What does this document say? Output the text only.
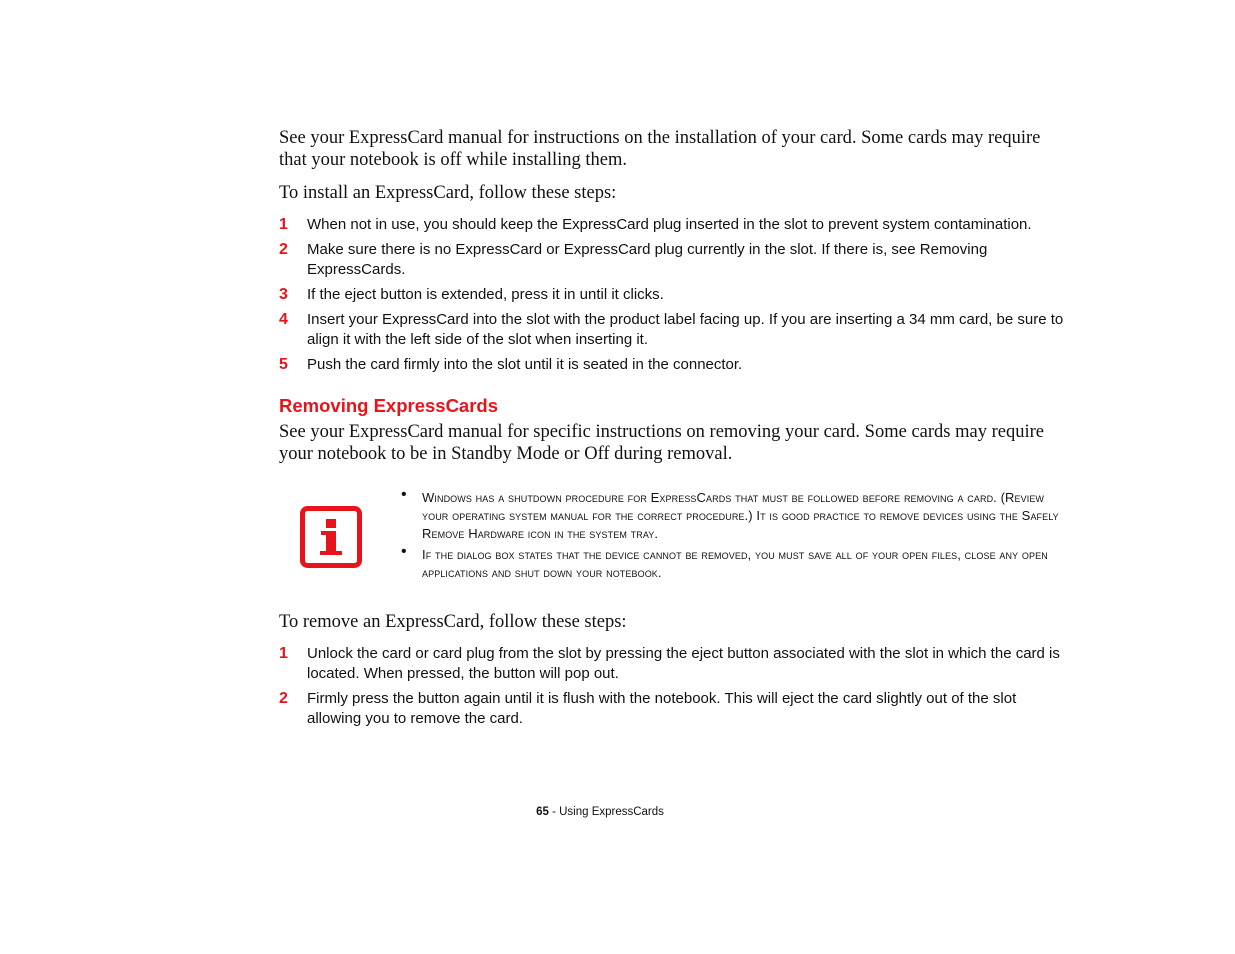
See your ExpressCard manual for instructions on the installation of your card. Some cards may require that your notebook is off while installing them.

To install an ExpressCard, follow these steps:

1	When not in use, you should keep the ExpressCard plug inserted in the slot to prevent system contamination.
2	Make sure there is no ExpressCard or ExpressCard plug currently in the slot. If there is, see Removing ExpressCards.
3	If the eject button is extended, press it in until it clicks.
4	Insert your ExpressCard into the slot with the product label facing up. If you are inserting a 34 mm card, be sure to align it with the left side of the slot when inserting it.
5	Push the card firmly into the slot until it is seated in the connector.
Removing ExpressCards

See your ExpressCard manual for specific instructions on removing your card. Some cards may require your notebook to be in Standby Mode or Off during removal.

• Windows has a shutdown procedure for ExpressCards that must be followed before removing a card. (Review your operating system manual for the correct procedure.) It is good practice to remove devices using the Safely Remove Hardware icon in the system tray.
• If the dialog box states that the device cannot be removed, you must save all of your open files, close any open applications and shut down your notebook.

To remove an ExpressCard, follow these steps:

1	Unlock the card or card plug from the slot by pressing the eject button associated with the slot in which the card is located. When pressed, the button will pop out.
2	Firmly press the button again until it is flush with the notebook. This will eject the card slightly out of the slot allowing you to remove the card.
65 - Using ExpressCards
